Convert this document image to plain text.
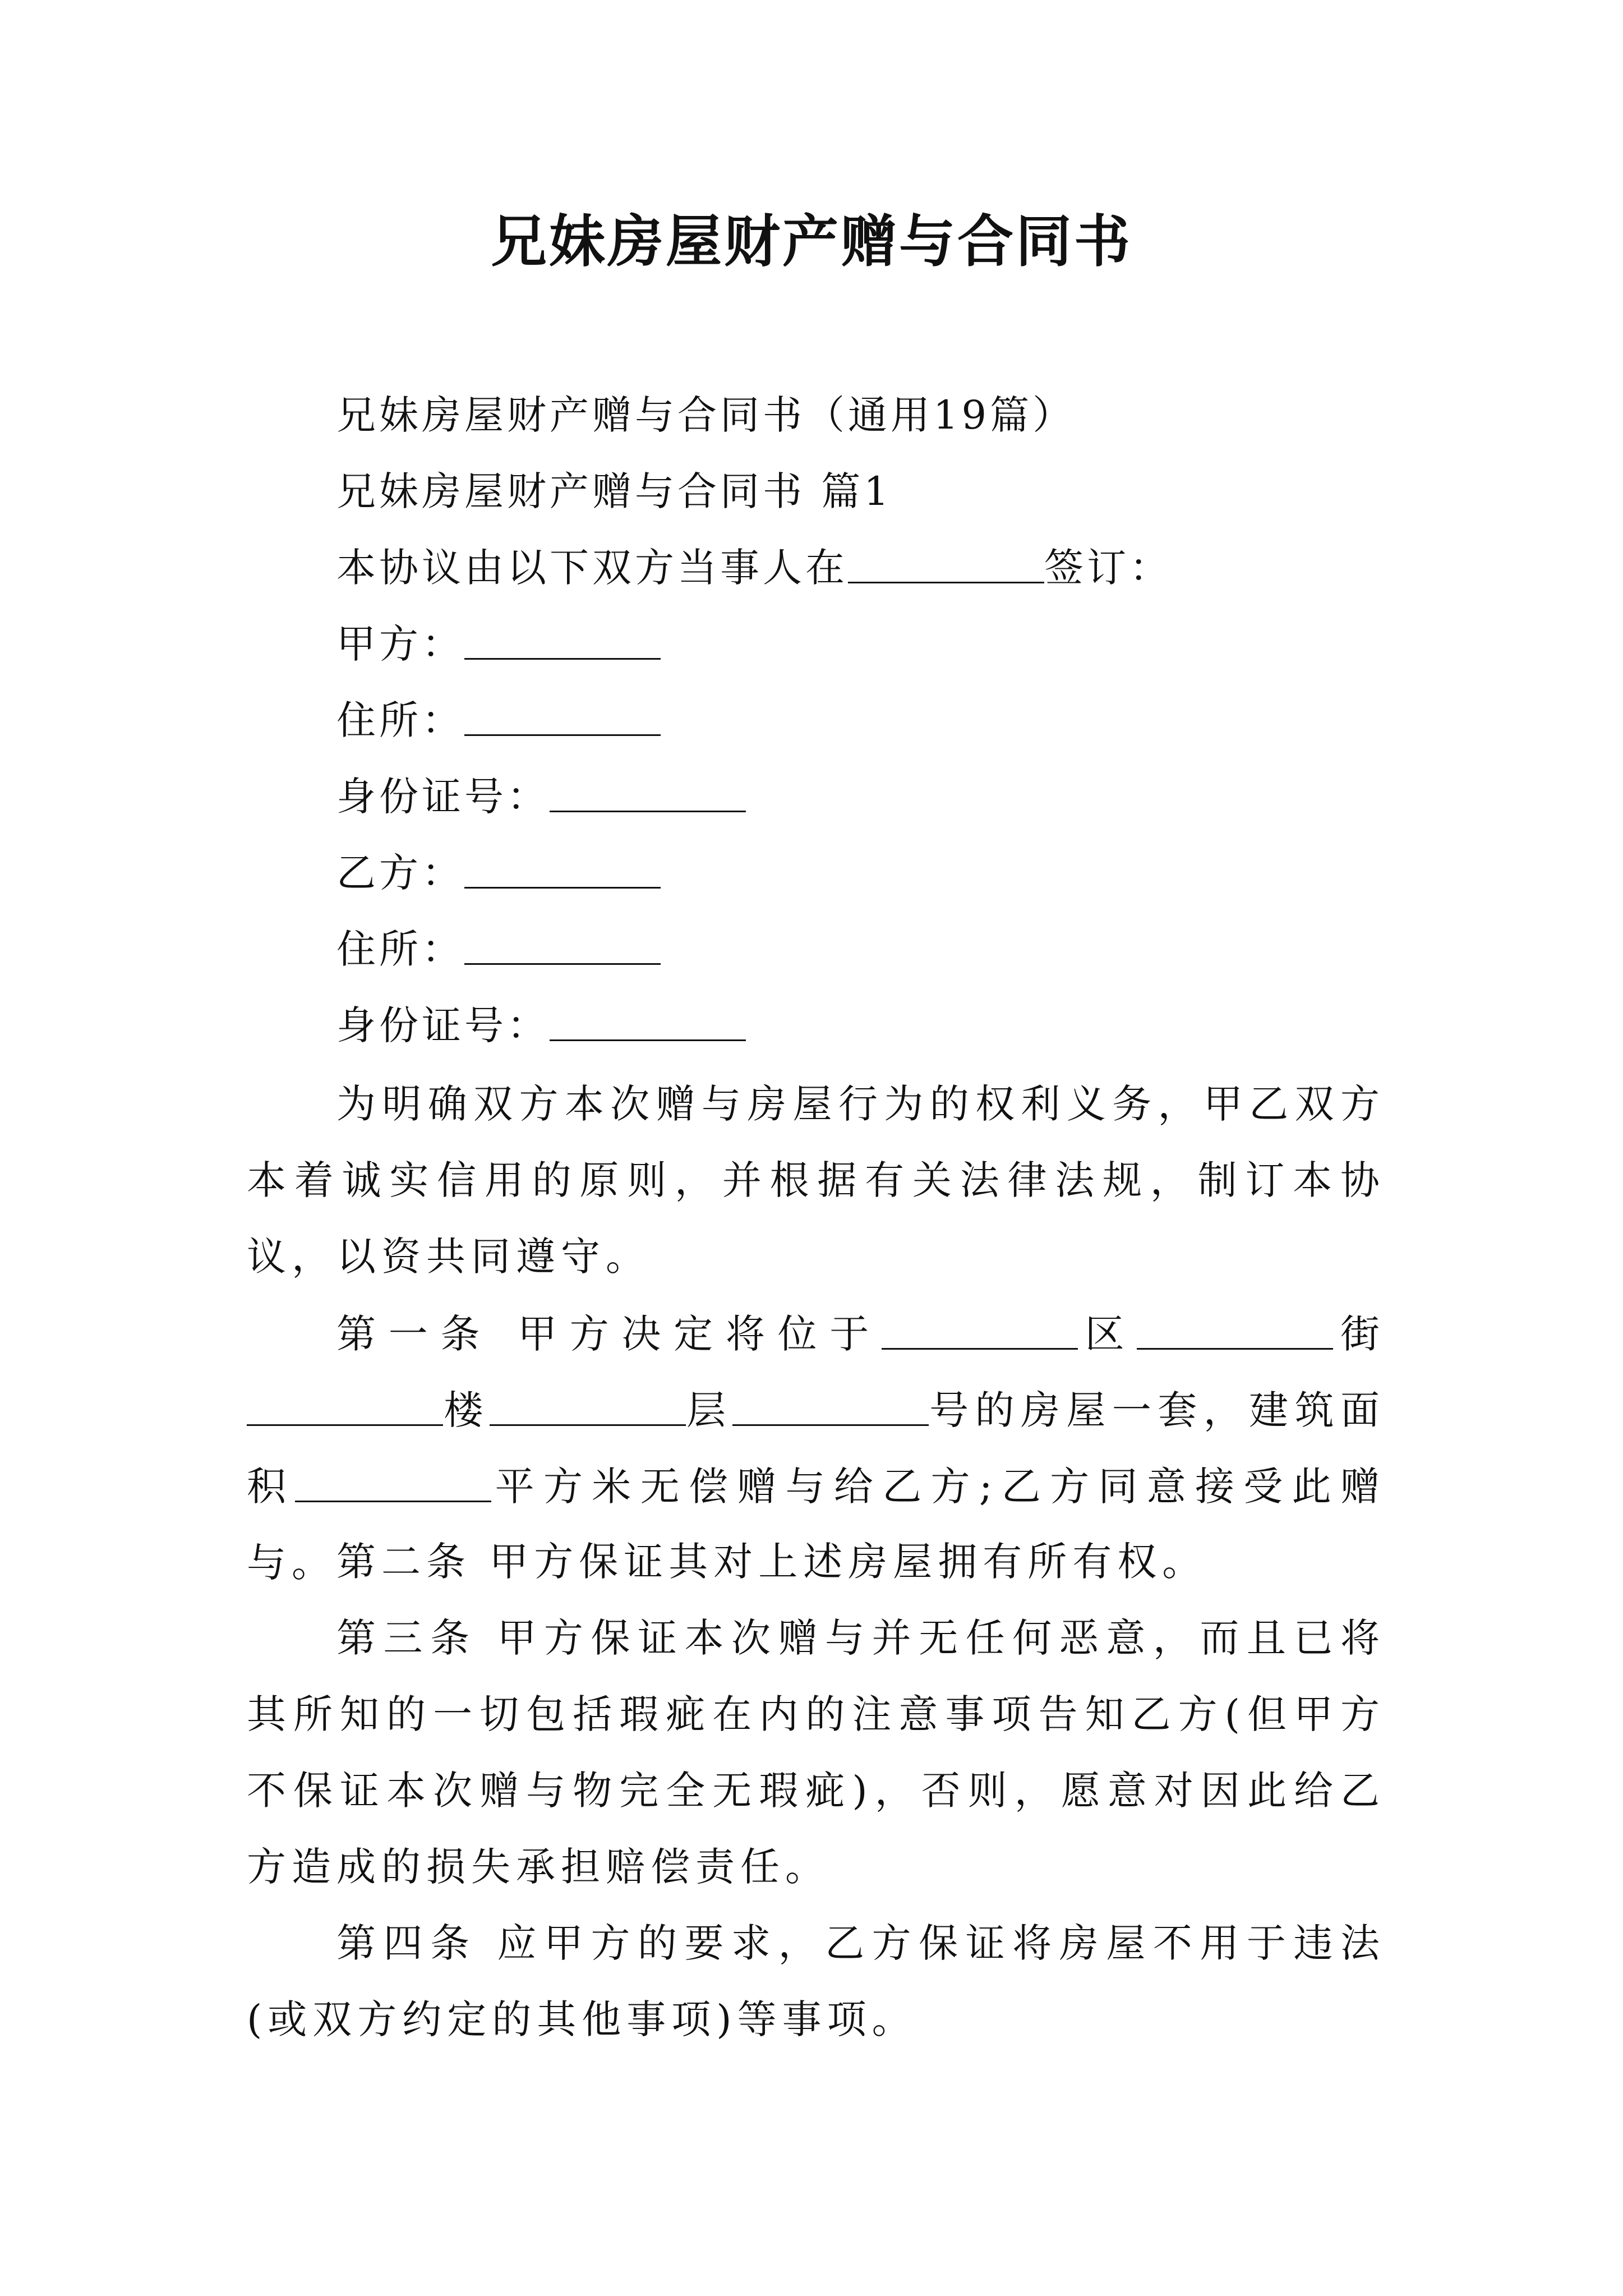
兄妹房屋财产赠与合同书
兄妹房屋财产赠与合同书（通用19篇）
兄妹房屋财产赠与合同书 篇1
本协议由以下双方当事人在	签订：
甲方：
住所：
身份证号：
乙方：
住所：
身份证号：
为明确双方本次赠与房屋行为的权利义务，甲乙双方本着诚实信用的原则，并根据有关法律法规，制订本协议，以资共同遵守。
第一条 甲方决定将位于	区	街楼	层	号的房屋一套，建筑面积	平方米无偿赠与给乙方;乙方同意接受此赠与。 第二条 甲方保证其对上述房屋拥有所有权。
第三条 甲方保证本次赠与并无任何恶意，而且已将其所知的一切包括瑕疵在内的注意事项告知乙方(但甲方不保证本次赠与物完全无瑕疵)，否则，愿意对因此给乙方造成的损失承担赔偿责任。
第四条 应甲方的要求，乙方保证将房屋不用于违法(或双方约定的其他事项)等事项。
